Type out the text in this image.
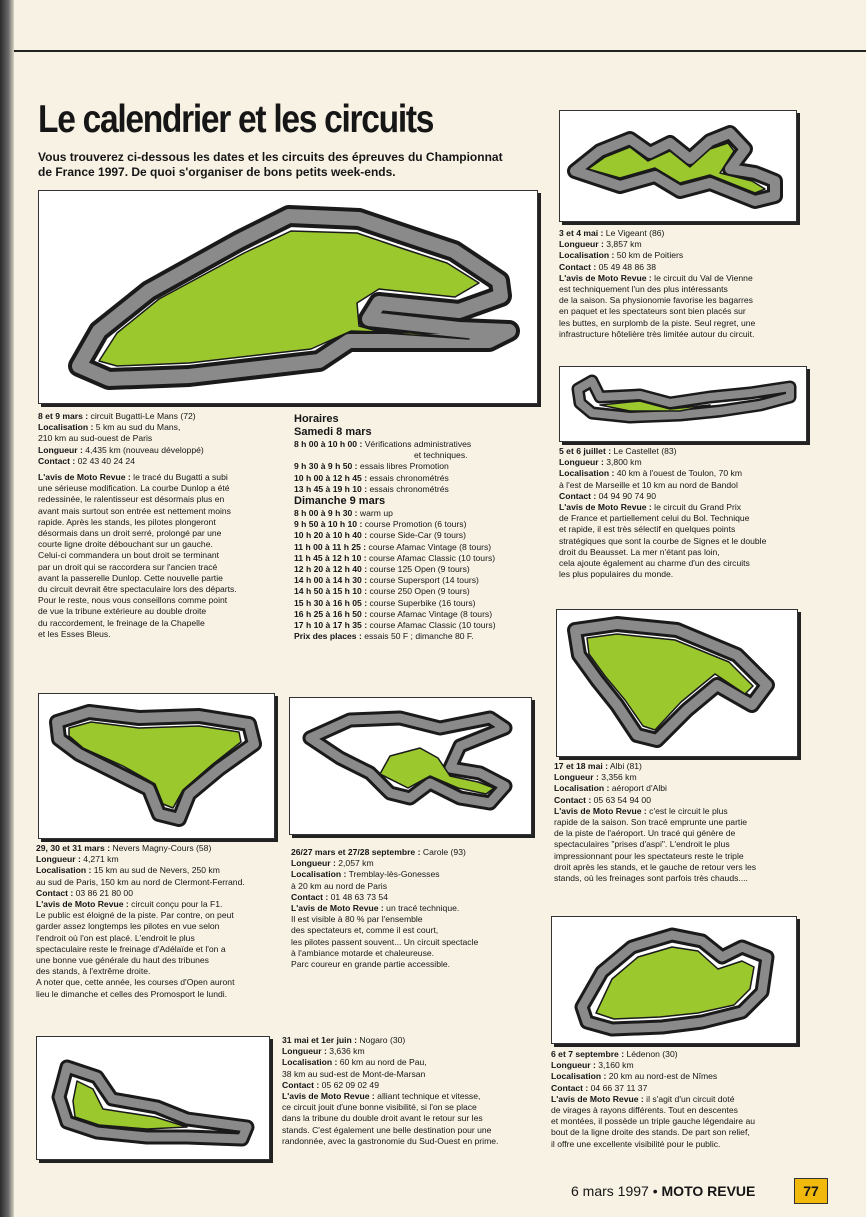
Le calendrier et les circuits

Vous trouverez ci-dessous les dates et les circuits des épreuves du Championnat de France 1997. De quoi s'organiser de bons petits week-ends.

8 et 9 mars : circuit Bugatti-Le Mans (72)

Localisation : 5 km au sud du Mans,

210 km au sud-ouest de Paris

Longueur : 4,435 km (nouveau développé)

Contact : 02 43 40 24 24

L'avis de Moto Revue : le tracé du Bugatti a subi

une sérieuse modification. La courbe Dunlop a été

redessinée, le ralentisseur est désormais plus en

avant mais surtout son entrée est nettement moins

rapide. Après les stands, les pilotes plongeront

désormais dans un droit serré, prolongé par une

courte ligne droite débouchant sur un gauche.

Celui-ci commandera un bout droit se terminant

par un droit qui se raccordera sur l'ancien tracé

avant la passerelle Dunlop. Cette nouvelle partie

du circuit devrait être spectaculaire lors des départs.

Pour le reste, nous vous conseillons comme point

de vue la tribune extérieure au double droite

du raccordement, le freinage de la Chapelle

et les Esses Bleus.

Horaires

Samedi 8 mars

8 h 00 à 10 h 00 : Vérifications administratives

et techniques.

9 h 30 à 9 h 50 : essais libres Promotion

10 h 00 à 12 h 45 : essais chronométrés

13 h 45 à 19 h 10 : essais chronométrés

Dimanche 9 mars

8 h 00 à 9 h 30 : warm up

9 h 50 à 10 h 10 : course Promotion (6 tours)

10 h 20 à 10 h 40 : course Side-Car (9 tours)

11 h 00 à 11 h 25 : course Afamac Vintage (8 tours)

11 h 45 à 12 h 10 : course Afamac Classic (10 tours)

12 h 20 à 12 h 40 : course 125 Open (9 tours)

14 h 00 à 14 h 30 : course Supersport (14 tours)

14 h 50 à 15 h 10 : course 250 Open (9 tours)

15 h 30 à 16 h 05 : course Superbike (16 tours)

16 h 25 à 16 h 50 : course Afamac Vintage (8 tours)

17 h 10 à 17 h 35 : course Afamac Classic (10 tours)

Prix des places : essais 50 F ; dimanche 80 F.

3 et 4 mai : Le Vigeant (86)

Longueur : 3,857 km

Localisation : 50 km de Poitiers

Contact : 05 49 48 86 38

L'avis de Moto Revue : le circuit du Val de Vienne

est techniquement l'un des plus intéressants

de la saison. Sa physionomie favorise les bagarres

en paquet et les spectateurs sont bien placés sur

les buttes, en surplomb de la piste. Seul regret, une

infrastructure hôtelière très limitée autour du circuit.

5 et 6 juillet : Le Castellet (83)

Longueur : 3,800 km

Localisation : 40 km à l'ouest de Toulon, 70 km

à l'est de Marseille et 10 km au nord de Bandol

Contact : 04 94 90 74 90

L'avis de Moto Revue : le circuit du Grand Prix

de France et partiellement celui du Bol. Technique

et rapide, il est très sélectif en quelques points

stratégiques que sont la courbe de Signes et le double

droit du Beausset. La mer n'étant pas loin,

cela ajoute également au charme d'un des circuits

les plus populaires du monde.

17 et 18 mai : Albi (81)

Longueur : 3,356 km

Localisation : aéroport d'Albi

Contact : 05 63 54 94 00

L'avis de Moto Revue : c'est le circuit le plus

rapide de la saison. Son tracé emprunte une partie

de la piste de l'aéroport. Un tracé qui génère de

spectaculaires "prises d'aspi". L'endroit le plus

impressionnant pour les spectateurs reste le triple

droit après les stands, et le gauche de retour vers les

stands, où les freinages sont parfois très chauds....

29, 30 et 31 mars : Nevers Magny-Cours (58)

Longueur : 4,271 km

Localisation : 15 km au sud de Nevers, 250 km

au sud de Paris, 150 km au nord de Clermont-Ferrand.

Contact : 03 86 21 80 00

L'avis de Moto Revue : circuit conçu pour la F1.

Le public est éloigné de la piste. Par contre, on peut

garder assez longtemps les pilotes en vue selon

l'endroit où l'on est placé. L'endroit le plus

spectaculaire reste le freinage d'Adélaïde et l'on a

une bonne vue générale du haut des tribunes

des stands, à l'extrême droite.

A noter que, cette année, les courses d'Open auront

lieu le dimanche et celles des Promosport le lundi.

26/27 mars et 27/28 septembre : Carole (93)

Longueur : 2,057 km

Localisation : Tremblay-lès-Gonesses

à 20 km au nord de Paris

Contact : 01 48 63 73 54

L'avis de Moto Revue : un tracé technique.

Il est visible à 80 % par l'ensemble

des spectateurs et, comme il est court,

les pilotes passent souvent... Un circuit spectacle

à l'ambiance motarde et chaleureuse.

Parc coureur en grande partie accessible.

6 et 7 septembre : Lédenon (30)

Longueur : 3,160 km

Localisation : 20 km au nord-est de Nîmes

Contact : 04 66 37 11 37

L'avis de Moto Revue : il s'agit d'un circuit doté

de virages à rayons différents. Tout en descentes

et montées, il possède un triple gauche légendaire au

bout de la ligne droite des stands. De part son relief,

il offre une excellente visibilité pour le public.

31 mai et 1er juin : Nogaro (30)

Longueur : 3,636 km

Localisation : 60 km au nord de Pau,

38 km au sud-est de Mont-de-Marsan

Contact : 05 62 09 02 49

L'avis de Moto Revue : alliant technique et vitesse,

ce circuit jouit d'une bonne visibilité, si l'on se place

dans la tribune du double droit avant le retour sur les

stands. C'est également une belle destination pour une

randonnée, avec la gastronomie du Sud-Ouest en prime.

6 mars 1997 • MOTO REVUE	77
